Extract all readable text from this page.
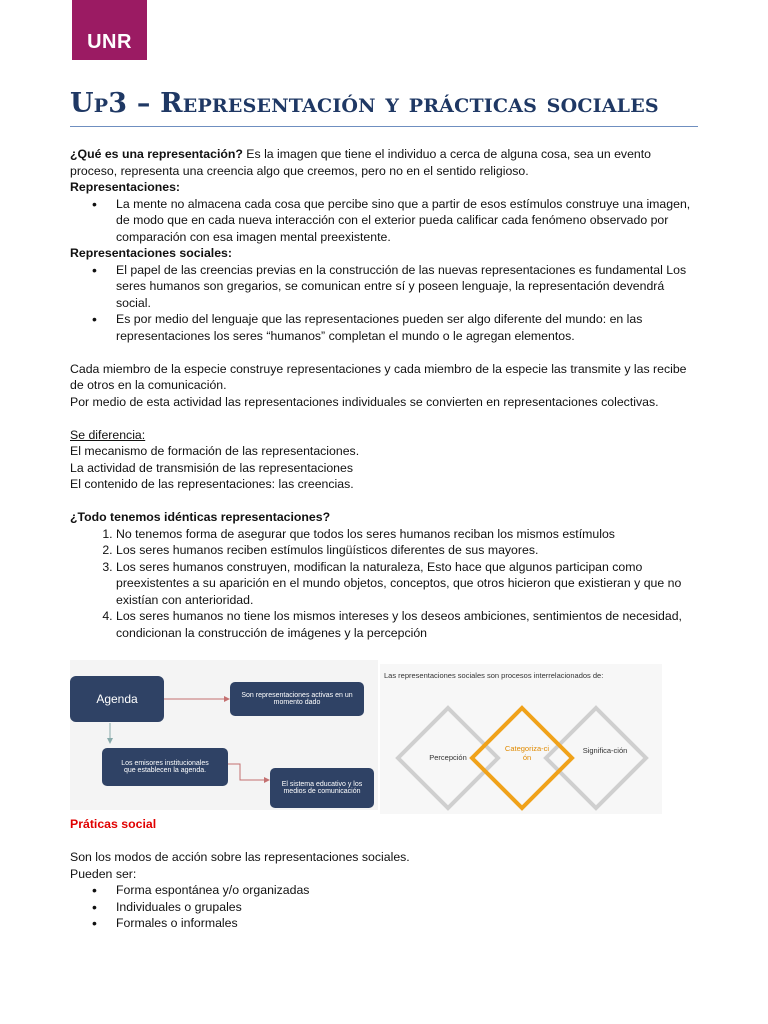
UNR
Up3 – Representación y prácticas sociales

¿Qué es una representación? Es la imagen que tiene el individuo a cerca de alguna cosa, sea un evento proceso, representa una creencia algo que creemos, pero no en el sentido religioso.

Representaciones:

• La mente no almacena cada cosa que percibe sino que a partir de esos estímulos construye una imagen, de modo que en cada nueva interacción con el exterior pueda calificar cada fenómeno observado por comparación con esa imagen mental preexistente.

Representaciones sociales:

• El papel de las creencias previas en la construcción de las nuevas representaciones es fundamental Los seres humanos son gregarios, se comunican entre sí y poseen lenguaje, la representación devendrá social.
• Es por medio del lenguaje que las representaciones pueden ser algo diferente del mundo: en las representaciones los seres “humanos” completan el mundo o le agregan elementos.

Cada miembro de la especie construye representaciones y cada miembro de la especie las transmite y las recibe de otros en la comunicación.

Por medio de esta actividad las representaciones individuales se convierten en representaciones colectivas.

Se diferencia:

El mecanismo de formación de las representaciones.

La actividad de transmisión de las representaciones

El contenido de las representaciones: las creencias.

¿Todo tenemos idénticas representaciones?

1. No tenemos forma de asegurar que todos los seres humanos reciban los mismos estímulos
2. Los seres humanos reciben estímulos lingüísticos diferentes de sus mayores.
3. Los seres humanos construyen, modifican la naturaleza, Esto hace que algunos participan como preexistentes a su aparición en el mundo objetos, conceptos, que otros hicieron que existieran y que no existían con anterioridad.
4. Los seres humanos no tiene los mismos intereses y los deseos ambiciones, sentimientos de necesidad, condicionan la construcción de imágenes y la percepción
Agenda	Son representaciones activas en un momento dado
Los emisores institucionales que establecen la agenda.
El sistema educativo y los medios de comunicación
Las representaciones sociales son procesos interrelacionados de:
Percepción
Categoriza-ción
Significa-ción

Práticas social

Son los modos de acción sobre las representaciones sociales.

Pueden ser:

• Forma espontánea y/o organizadas
• Individuales o grupales
• Formales o informales
